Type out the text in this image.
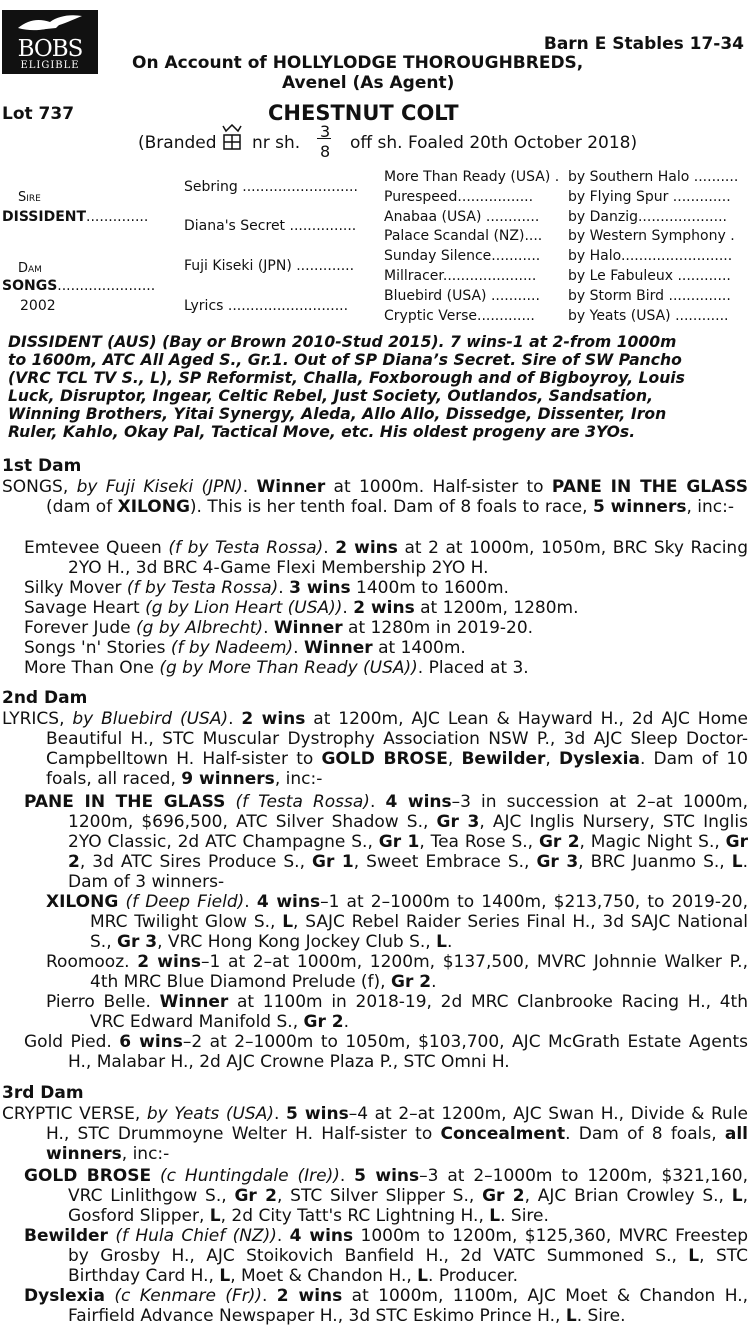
BOBS
ELIGIBLE
Barn E Stables 17-34
On Account of HOLLYLODGE THOROUGHBREDS,
Avenel (As Agent)
Lot 737	CHESTNUT COLT
(Branded nr sh.
3
8 off sh. Foaled 20th October 2018)
Sire
DISSIDENT..............
Dam
SONGS......................
2002
Sebring ..........................
Diana's Secret ...............
Fuji Kiseki (JPN) .............
Lyrics ...........................
More Than Ready (USA) .
Purespeed.................
Anabaa (USA) ............
Palace Scandal (NZ)....
Sunday Silence...........
Millracer.....................
Bluebird (USA) ...........
Cryptic Verse.............
by Southern Halo ..........
by Flying Spur .............
by Danzig....................
by Western Symphony .
by Halo.........................
by Le Fabuleux ............
by Storm Bird ..............
by Yeats (USA) ............
DISSIDENT (AUS) (Bay or Brown 2010-Stud 2015). 7 wins-1 at 2-from 1000m
to 1600m, ATC All Aged S., Gr.1. Out of SP Diana’s Secret. Sire of SW Pancho
(VRC TCL TV S., L), SP Reformist, Challa, Foxborough and of Bigboyroy, Louis
Luck, Disruptor, Ingear, Celtic Rebel, Just Society, Outlandos, Sandsation,
Winning Brothers, Yitai Synergy, Aleda, Allo Allo, Dissedge, Dissenter, Iron
Ruler, Kahlo, Okay Pal, Tactical Move, etc. His oldest progeny are 3YOs.
1st Dam
SONGS, by Fuji Kiseki (JPN). Winner at 1000m. Half-sister to PANE IN THE GLASS (dam of XILONG). This is her tenth foal. Dam of 8 foals to race, 5 winners, inc:-
Emtevee Queen (f by Testa Rossa). 2 wins at 2 at 1000m, 1050m, BRC Sky Racing 2YO H., 3d BRC 4-Game Flexi Membership 2YO H.
Silky Mover (f by Testa Rossa). 3 wins 1400m to 1600m.
Savage Heart (g by Lion Heart (USA)). 2 wins at 1200m, 1280m.
Forever Jude (g by Albrecht). Winner at 1280m in 2019-20.
Songs 'n' Stories (f by Nadeem). Winner at 1400m.
More Than One (g by More Than Ready (USA)). Placed at 3.
2nd Dam
LYRICS, by Bluebird (USA). 2 wins at 1200m, AJC Lean & Hayward H., 2d AJC Home Beautiful H., STC Muscular Dystrophy Association NSW P., 3d AJC Sleep Doctor-Campbelltown H. Half-sister to GOLD BROSE, Bewilder, Dyslexia. Dam of 10 foals, all raced, 9 winners, inc:-
PANE IN THE GLASS (f Testa Rossa). 4 wins–3 in succession at 2–at 1000m, 1200m, $696,500, ATC Silver Shadow S., Gr 3, AJC Inglis Nursery, STC Inglis 2YO Classic, 2d ATC Champagne S., Gr 1, Tea Rose S., Gr 2, Magic Night S., Gr 2, 3d ATC Sires Produce S., Gr 1, Sweet Embrace S., Gr 3, BRC Juanmo S., L. Dam of 3 winners-
XILONG (f Deep Field). 4 wins–1 at 2–1000m to 1400m, $213,750, to 2019-20, MRC Twilight Glow S., L, SAJC Rebel Raider Series Final H., 3d SAJC National S., Gr 3, VRC Hong Kong Jockey Club S., L.
Roomooz. 2 wins–1 at 2–at 1000m, 1200m, $137,500, MVRC Johnnie Walker P., 4th MRC Blue Diamond Prelude (f), Gr 2.
Pierro Belle. Winner at 1100m in 2018-19, 2d MRC Clanbrooke Racing H., 4th VRC Edward Manifold S., Gr 2.
Gold Pied. 6 wins–2 at 2–1000m to 1050m, $103,700, AJC McGrath Estate Agents H., Malabar H., 2d AJC Crowne Plaza P., STC Omni H.
3rd Dam
CRYPTIC VERSE, by Yeats (USA). 5 wins–4 at 2–at 1200m, AJC Swan H., Divide & Rule H., STC Drummoyne Welter H. Half-sister to Concealment. Dam of 8 foals, all winners, inc:-
GOLD BROSE (c Huntingdale (Ire)). 5 wins–3 at 2–1000m to 1200m, $321,160, VRC Linlithgow S., Gr 2, STC Silver Slipper S., Gr 2, AJC Brian Crowley S., L, Gosford Slipper, L, 2d City Tatt's RC Lightning H., L. Sire.
Bewilder (f Hula Chief (NZ)). 4 wins 1000m to 1200m, $125,360, MVRC Freestep by Grosby H., AJC Stoikovich Banfield H., 2d VATC Summoned S., L, STC Birthday Card H., L, Moet & Chandon H., L. Producer.
Dyslexia (c Kenmare (Fr)). 2 wins at 1000m, 1100m, AJC Moet & Chandon H., Fairfield Advance Newspaper H., 3d STC Eskimo Prince H., L. Sire.
